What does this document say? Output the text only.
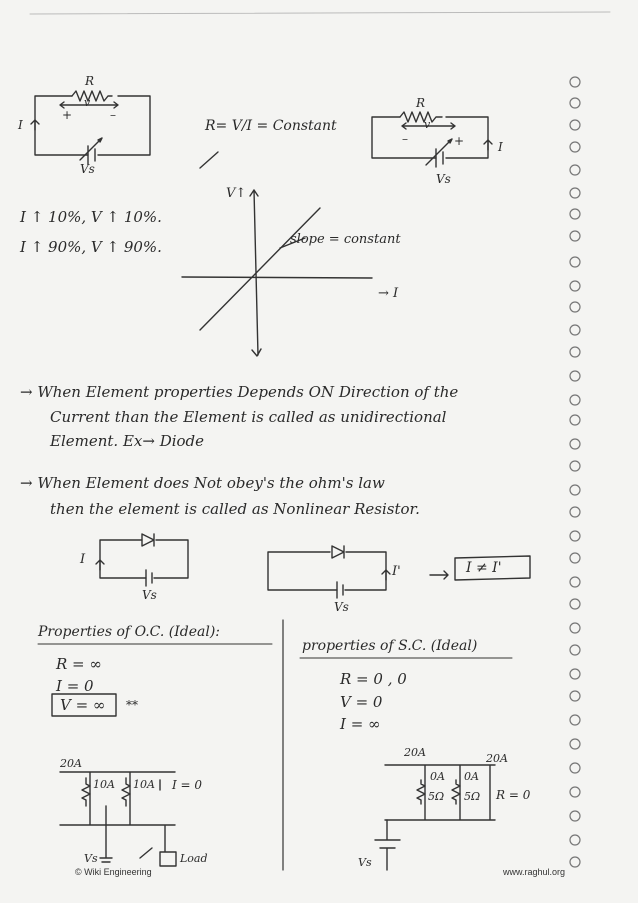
R
v
I
+	–
Vs
R= V/I = Constant
R
v
I
+
–
Vs
I ↑ 10%, V ↑ 10%.
I ↑ 90%, V ↑ 90%.
V↑
slope = constant
→ I
→ When Element properties Depends ON Direction of the
Current than the Element is called as unidirectional
Element. Ex→ Diode
→ When Element does Not obey's the ohm's law
then the element is called as Nonlinear Resistor.
I
Vs
I'
Vs
I ≠ I'
Properties of O.C. (Ideal):
R = ∞
I = 0
V = ∞ **
20A
10A 10A I = 0
Vs	Load
properties of S.C. (Ideal)
R = 0 , 0
V = 0
I = ∞
20A	20A
0A 0A
5Ω 5Ω R = 0
Vs
© Wiki Engineering	www.raghul.org
